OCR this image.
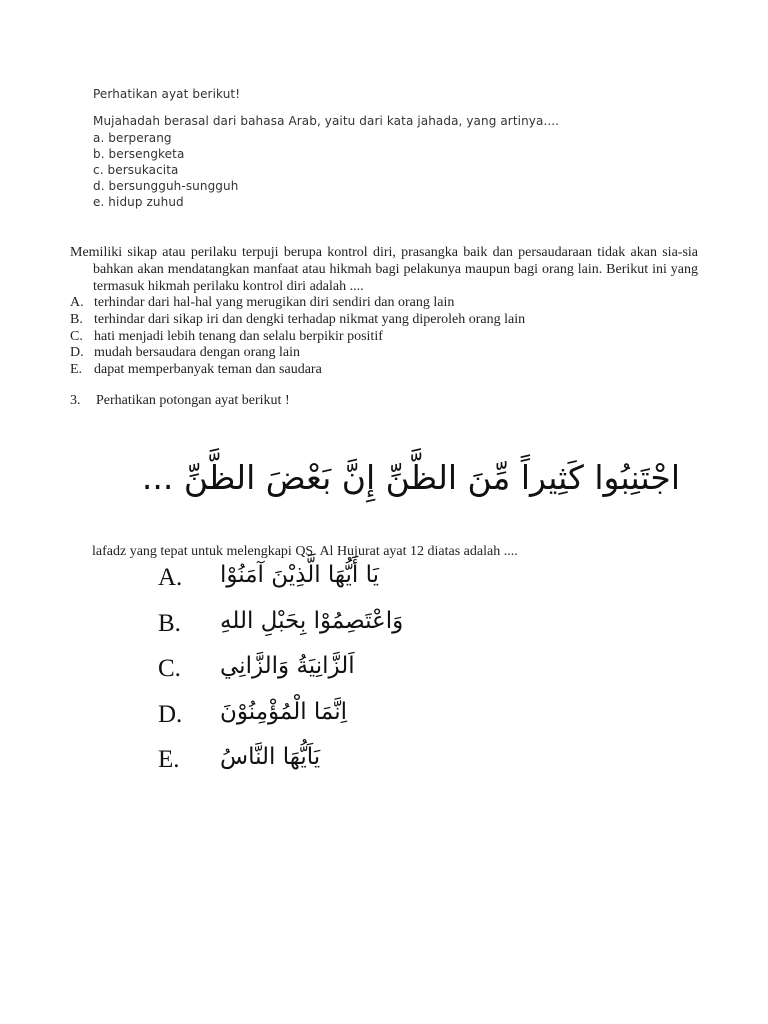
Perhatikan ayat berikut!
Mujahadah berasal dari bahasa Arab, yaitu dari kata jahada, yang artinya....
a. berperang
b. bersengketa
c. bersukacita
d. bersungguh-sungguh
e. hidup zuhud
Memiliki sikap atau perilaku terpuji berupa kontrol diri, prasangka baik dan persaudaraan tidak akan sia-sia bahkan akan mendatangkan manfaat atau hikmah bagi pelakunya maupun bagi orang lain. Berikut ini yang termasuk hikmah perilaku kontrol diri adalah ....
A. terhindar dari hal-hal yang merugikan diri sendiri dan orang lain
B. terhindar dari sikap iri dan dengki terhadap nikmat yang diperoleh orang lain
C. hati menjadi lebih tenang dan selalu berpikir positif
D. mudah bersaudara dengan orang lain
E. dapat memperbanyak teman dan saudara
3. Perhatikan potongan ayat berikut !
اجْتَنِبُوا كَثِيراً مِّنَ الظَّنِّ إِنَّ بَعْضَ الظَّنِّ ...
lafadz yang tepat untuk melengkapi QS. Al Hujurat ayat 12 diatas adalah ....
A. يَا أَيُّهَا الَّذِيْنَ آمَنُوْا
B. وَاعْتَصِمُوْا بِحَبْلِ اللهِ
C. اَلزَّانِيَةُ وَالزَّانِي
D. اِنَّمَا الْمُؤْمِنُوْنَ
E. يَاَيُّهَا النَّاسُ
